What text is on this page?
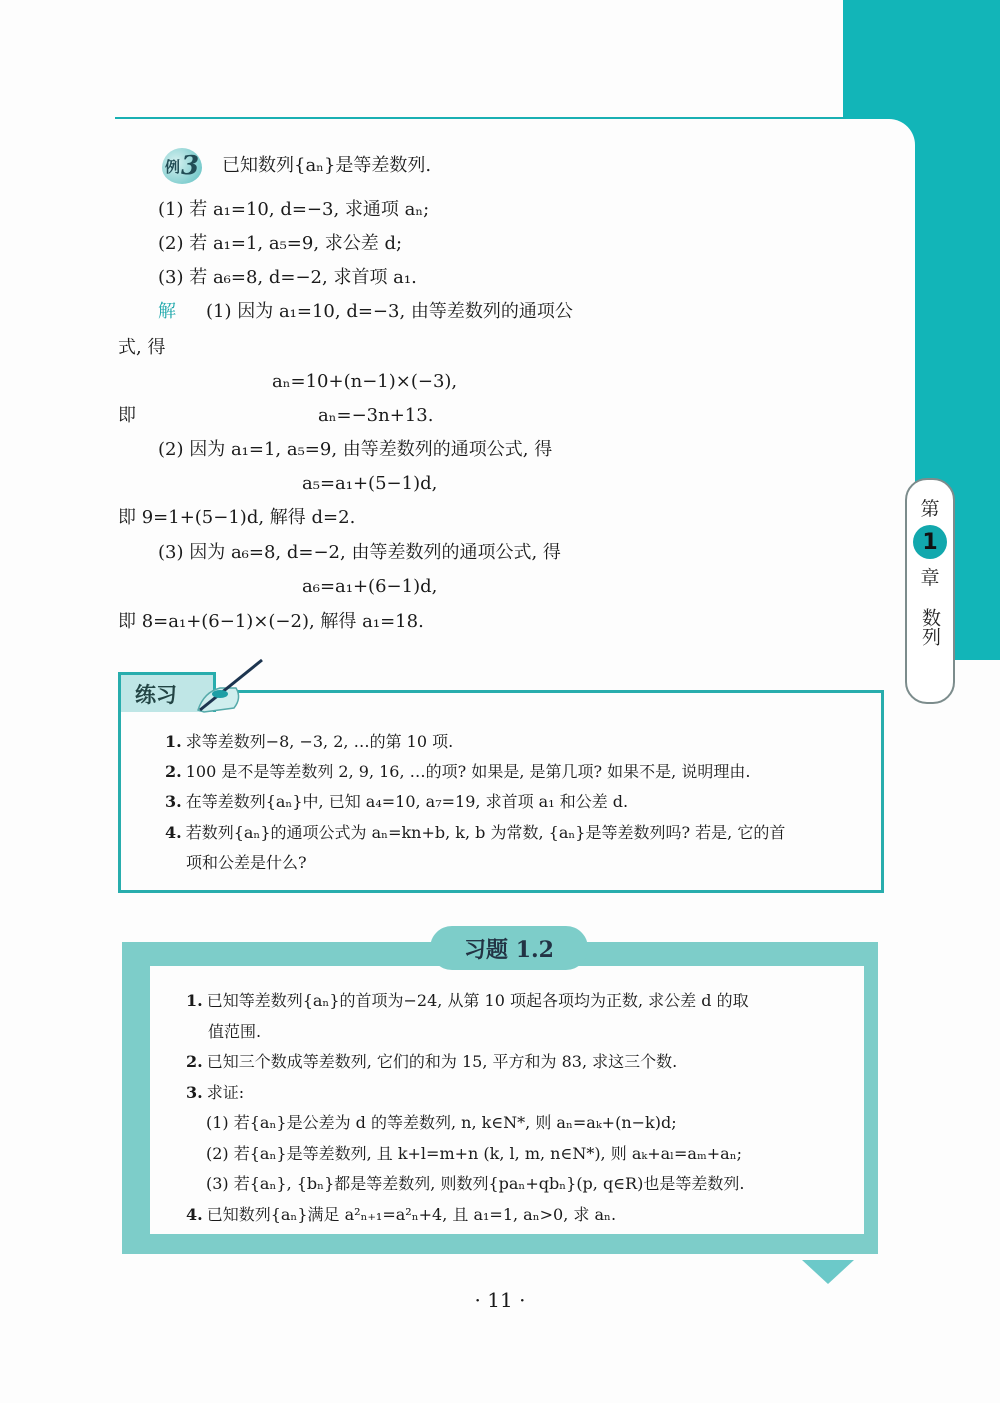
第
1
章
数列
例 3 已知数列{aₙ}是等差数列.
(1) 若 a₁=10, d=−3, 求通项 aₙ;
(2) 若 a₁=1, a₅=9, 求公差 d;
(3) 若 a₆=8, d=−2, 求首项 a₁.
解 (1) 因为 a₁=10, d=−3, 由等差数列的通项公
式, 得
aₙ=10+(n−1)×(−3),
即	aₙ=−3n+13.
(2) 因为 a₁=1, a₅=9, 由等差数列的通项公式, 得
a₅=a₁+(5−1)d,
即 9=1+(5−1)d, 解得 d=2.
(3) 因为 a₆=8, d=−2, 由等差数列的通项公式, 得
a₆=a₁+(6−1)d,
即 8=a₁+(6−1)×(−2), 解得 a₁=18.
练习
1. 求等差数列−8, −3, 2, …的第 10 项.
2. 100 是不是等差数列 2, 9, 16, …的项? 如果是, 是第几项? 如果不是, 说明理由.
3. 在等差数列{aₙ}中, 已知 a₄=10, a₇=19, 求首项 a₁ 和公差 d.
4. 若数列{aₙ}的通项公式为 aₙ=kn+b, k, b 为常数, {aₙ}是等差数列吗? 若是, 它的首
项和公差是什么?
习题 1.2
1. 已知等差数列{aₙ}的首项为−24, 从第 10 项起各项均为正数, 求公差 d 的取
值范围.
2. 已知三个数成等差数列, 它们的和为 15, 平方和为 83, 求这三个数.
3. 求证:
(1) 若{aₙ}是公差为 d 的等差数列, n, k∈N*, 则 aₙ=aₖ+(n−k)d;
(2) 若{aₙ}是等差数列, 且 k+l=m+n (k, l, m, n∈N*), 则 aₖ+aₗ=aₘ+aₙ;
(3) 若{aₙ}, {bₙ}都是等差数列, 则数列{paₙ+qbₙ}(p, q∈R)也是等差数列.
4. 已知数列{aₙ}满足 a²ₙ₊₁=a²ₙ+4, 且 a₁=1, aₙ>0, 求 aₙ.
· 11 ·
